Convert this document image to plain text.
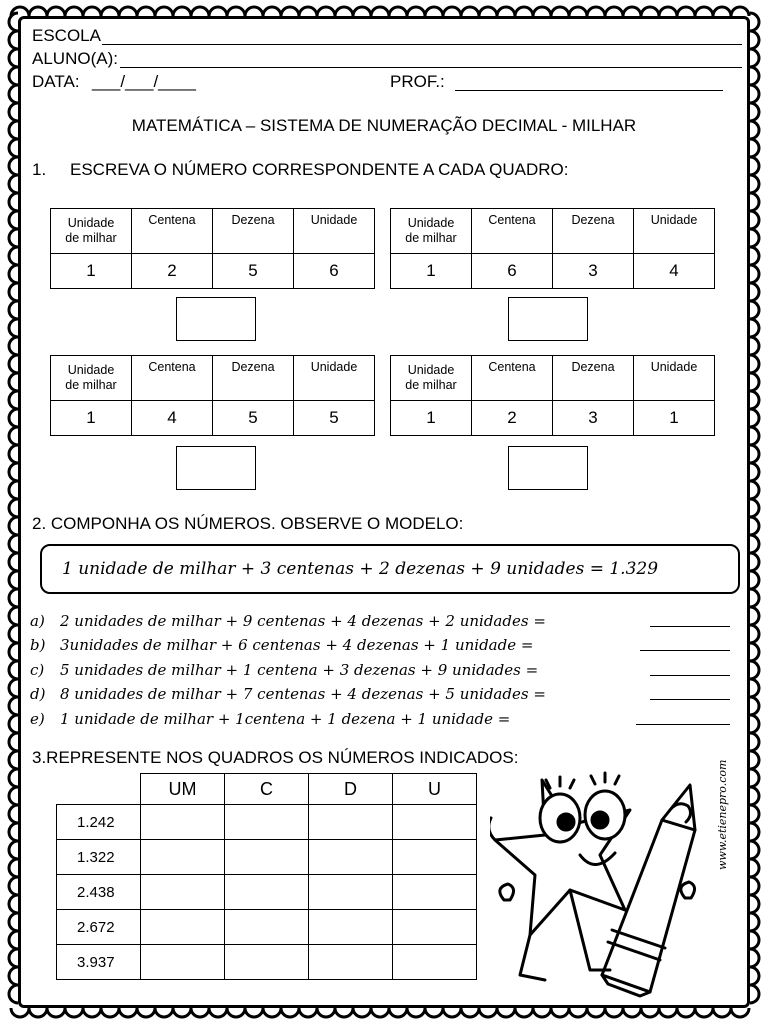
ESCOLA
ALUNO(A):
DATA: ___/___/____	PROF.:
MATEMÁTICA – SISTEMA DE NUMERAÇÃO DECIMAL - MILHAR
1. ESCREVA O NÚMERO CORRESPONDENTE A CADA QUADRO:
Unidade
de milhar	Centena	Dezena	Unidade
1	2	5	6
Unidade
de milhar	Centena	Dezena	Unidade
1	6	3	4
Unidade
de milhar	Centena	Dezena	Unidade
1	4	5	5
Unidade
de milhar	Centena	Dezena	Unidade
1	2	3	1
2. COMPONHA OS NÚMEROS. OBSERVE O MODELO:
1 unidade de milhar + 3 centenas + 2 dezenas + 9 unidades = 1.329
a) 2 unidades de milhar + 9 centenas + 4 dezenas + 2 unidades =
b) 3unidades de milhar + 6 centenas + 4 dezenas + 1 unidade =
c) 5 unidades de milhar + 1 centena + 3 dezenas + 9 unidades =
d) 8 unidades de milhar + 7 centenas + 4 dezenas + 5 unidades =
e) 1 unidade de milhar + 1centena + 1 dezena + 1 unidade =
3.REPRESENTE NOS QUADROS OS NÚMEROS INDICADOS:
	UM	C	D	U
1.242				
1.322				
2.438				
2.672				
3.937				
www.etienepro.com
